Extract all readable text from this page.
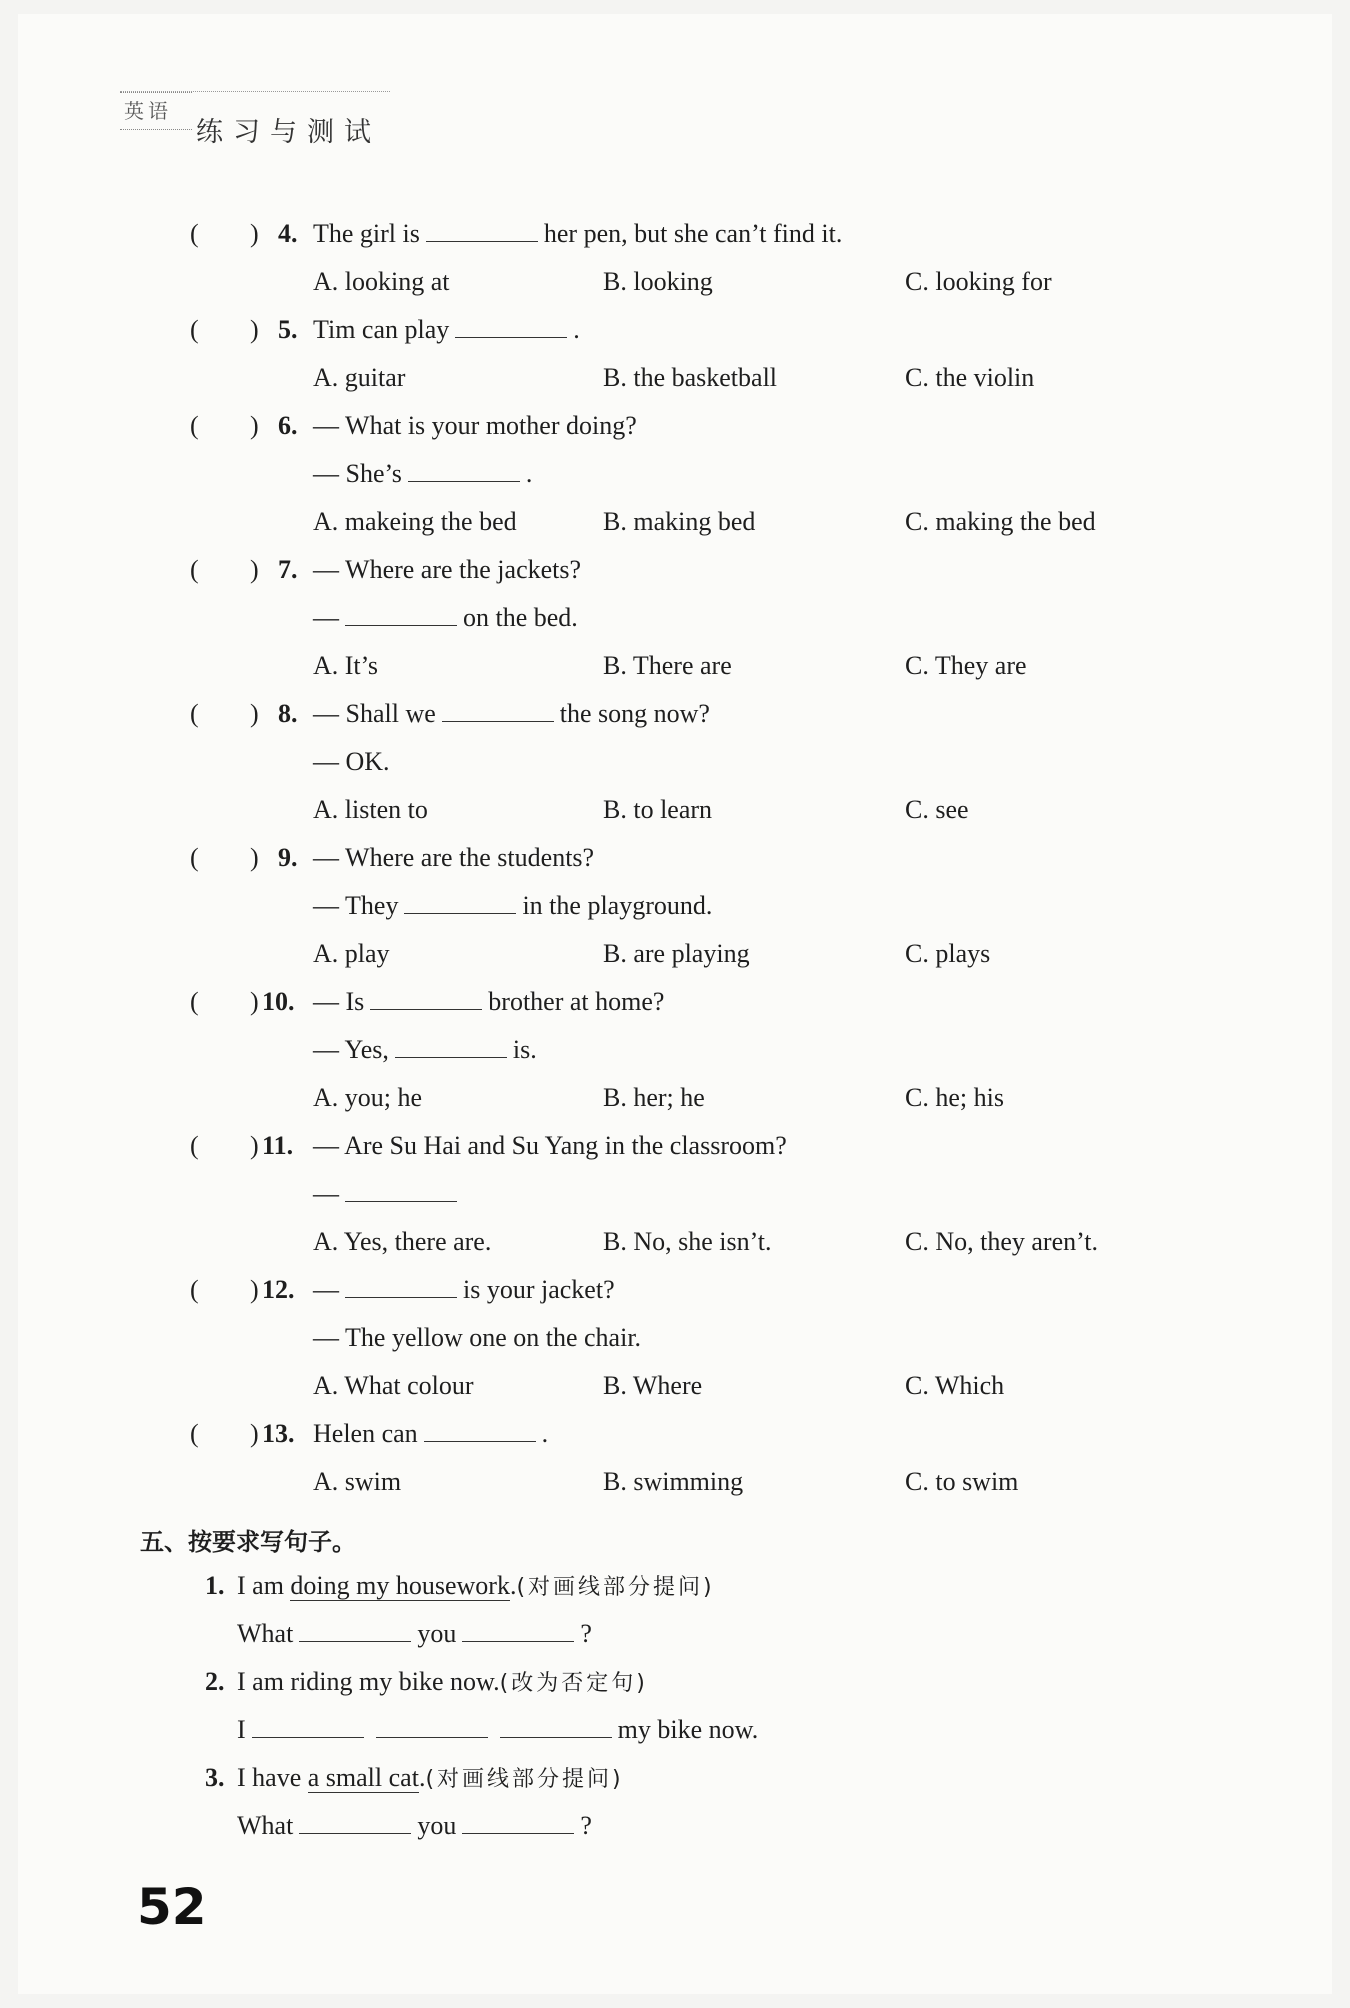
英语
练习与测试
( ) 4. The girl is	her pen, but she can’t find it.
A. looking at	B. looking	C. looking for
( ) 5. Tim can play	.
A. guitar	B. the basketball	C. the violin
( ) 6. — What is your mother doing?
— She’s	.
A. makeing the bed	B. making bed	C. making the bed
( ) 7. — Where are the jackets?
—	on the bed.
A. It’s	B. There are	C. They are
( ) 8. — Shall we	the song now?
— OK.
A. listen to	B. to learn	C. see
( ) 9. — Where are the students?
— They	in the playground.
A. play	B. are playing	C. plays
( ) 10. — Is	brother at home?
— Yes,	is.
A. you; he	B. her; he	C. he; his
( ) 11. — Are Su Hai and Su Yang in the classroom?
—
A. Yes, there are.	B. No, she isn’t.	C. No, they aren’t.
( ) 12. —	is your jacket?
— The yellow one on the chair.
A. What colour	B. Where	C. Which
( ) 13. Helen can	.
A. swim	B. swimming	C. to swim
五、按要求写句子。
1. I am doing my housework.(对画线部分提问)
What	you	?
2. I am riding my bike now.(改为否定句)
I	my bike now.
3. I have a small cat.(对画线部分提问)
What	you	?
52
